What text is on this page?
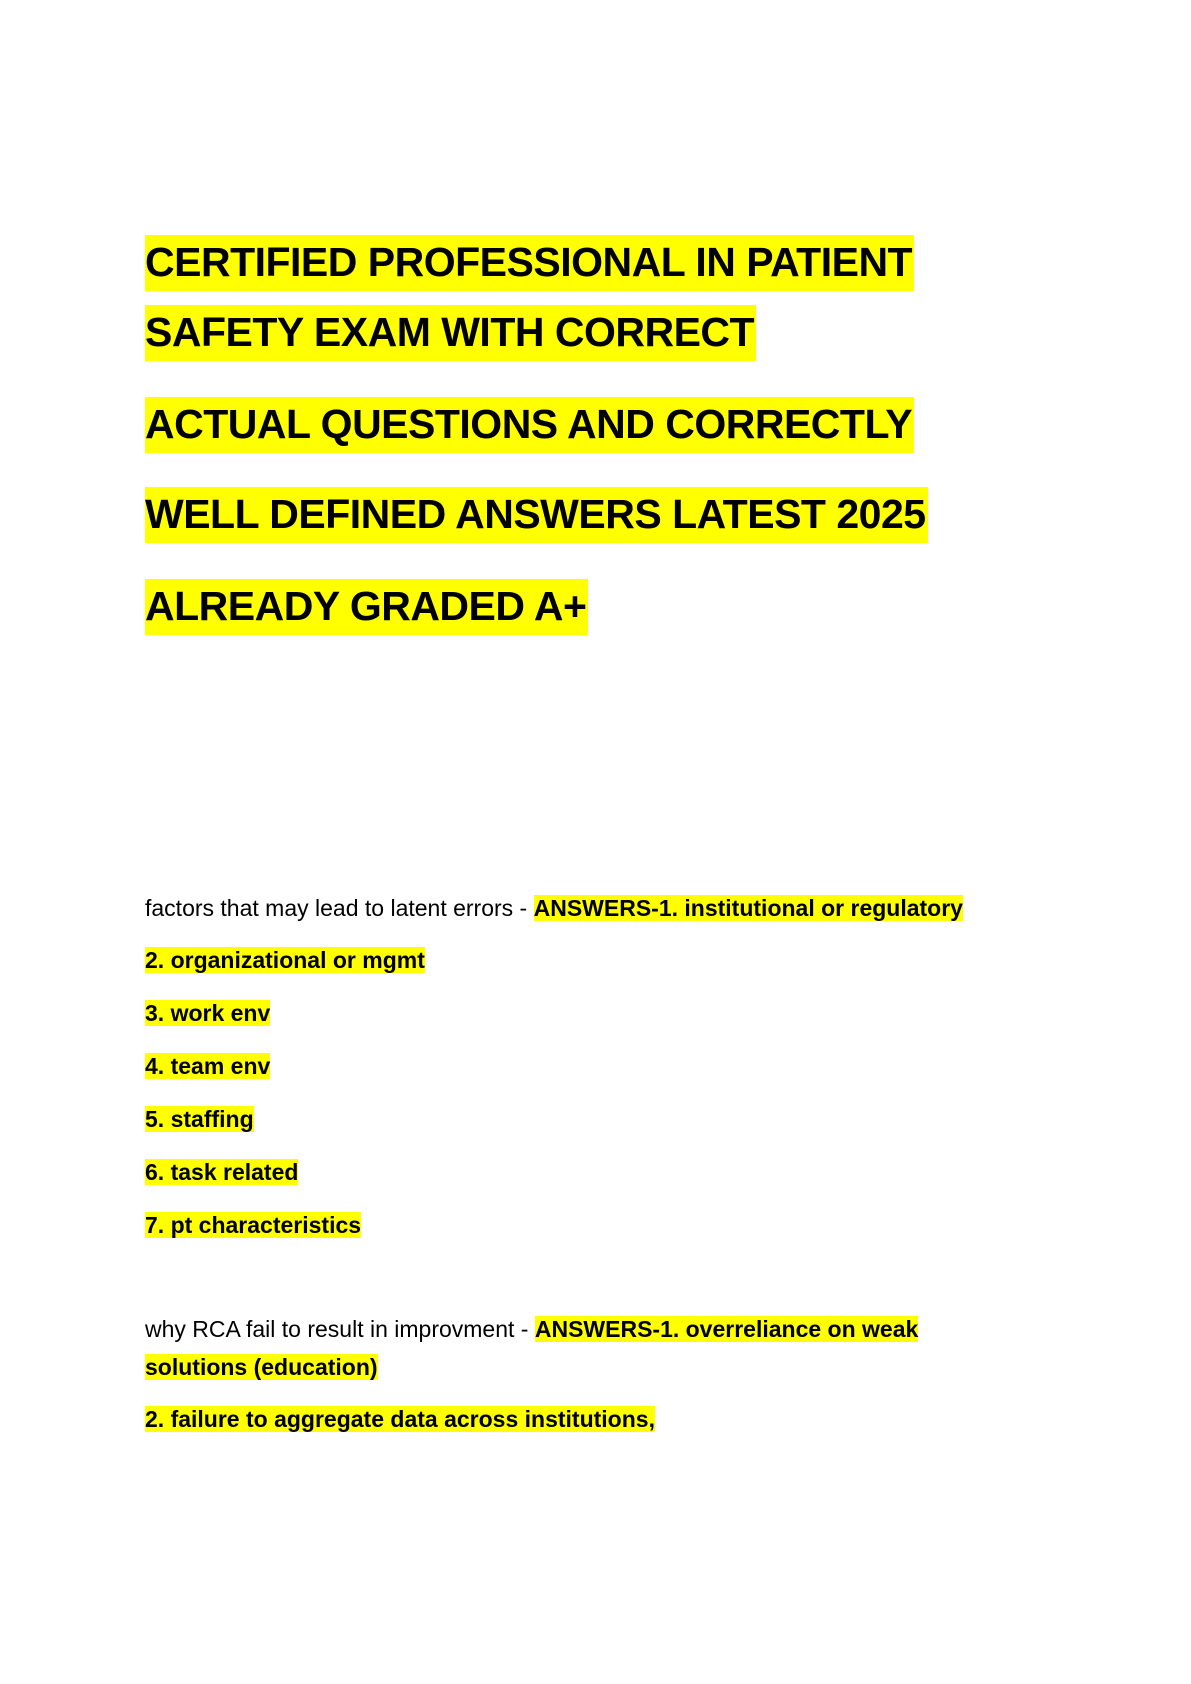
CERTIFIED PROFESSIONAL IN PATIENT
SAFETY EXAM WITH CORRECT
ACTUAL QUESTIONS AND CORRECTLY
WELL DEFINED ANSWERS LATEST 2025
ALREADY GRADED A+
factors that may lead to latent errors - ANSWERS-1. institutional or regulatory
2. organizational or mgmt
3. work env
4. team env
5. staffing
6. task related
7. pt characteristics
why RCA fail to result in improvment - ANSWERS-1. overreliance on weak
solutions (education)
2. failure to aggregate data across institutions,
